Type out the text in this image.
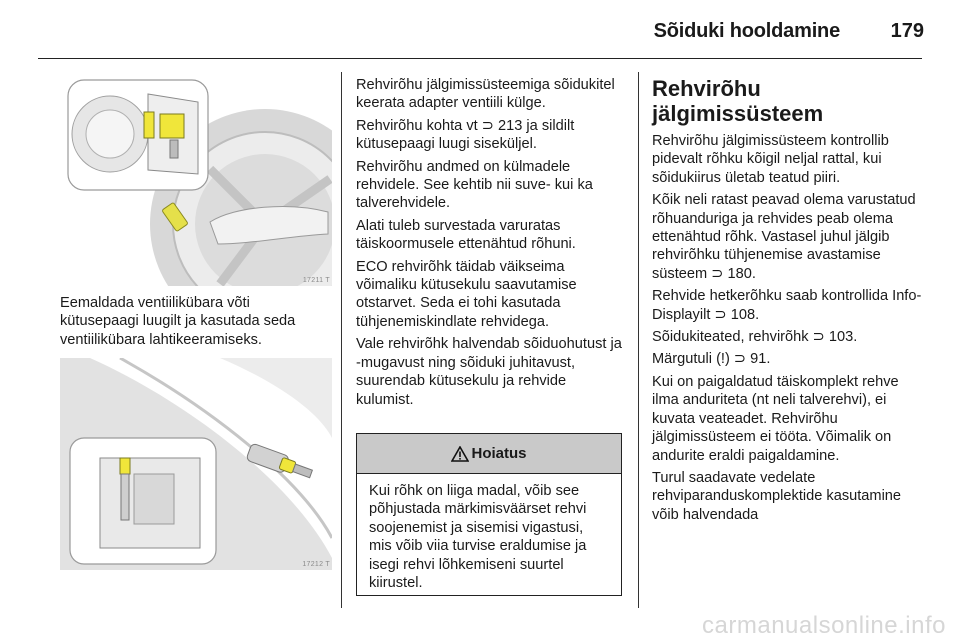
Sõiduki hooldamine	179
17211 T
Eemaldada ventiilikübara võti kütusepaagi luugilt ja kasutada seda ventiilikübara lahtikeeramiseks.
17212 T

Rehvirõhu jälgimissüsteemiga sõidukitel keerata adapter ventiili külge.

Rehvirõhu kohta vt ⊃ 213 ja sildilt kütusepaagi luugi siseküljel.

Rehvirõhu andmed on külmadele rehvidele. See kehtib nii suve- kui ka talverehvidele.

Alati tuleb survestada varuratas täiskoormusele ettenähtud rõhuni.

ECO rehvirõhk täidab väikseima võimaliku kütusekulu saavutamise otstarvet. Seda ei tohi kasutada tühjenemiskindlate rehvidega.

Vale rehvirõhk halvendab sõiduohutust ja -mugavust ning sõiduki juhitavust, suurendab kütusekulu ja rehvide kulumist.

Hoiatus
Kui rõhk on liiga madal, võib see põhjustada märkimisväärset rehvi soojenemist ja sisemisi vigastusi, mis võib viia turvise eraldumise ja isegi rehvi lõhkemiseni suurtel kiirustel.
Rehvirõhu jälgimissüsteem

Rehvirõhu jälgimissüsteem kontrollib pidevalt rõhku kõigil neljal rattal, kui sõidukiirus ületab teatud piiri.

Kõik neli ratast peavad olema varustatud rõhuanduriga ja rehvides peab olema ettenähtud rõhk. Vastasel juhul jälgib rehvirõhku tühjenemise avastamise süsteem ⊃ 180.

Rehvide hetkerõhku saab kontrollida Info-Displayilt ⊃ 108.

Sõidukiteated, rehvirõhk ⊃ 103.

Märgutuli (!) ⊃ 91.

Kui on paigaldatud täiskomplekt rehve ilma anduriteta (nt neli talverehvi), ei kuvata veateadet. Rehvirõhu jälgimissüsteem ei tööta. Võimalik on andurite eraldi paigaldamine.

Turul saadavate vedelate rehviparanduskomplektide kasutamine võib halvendada

carmanualsonline.info
